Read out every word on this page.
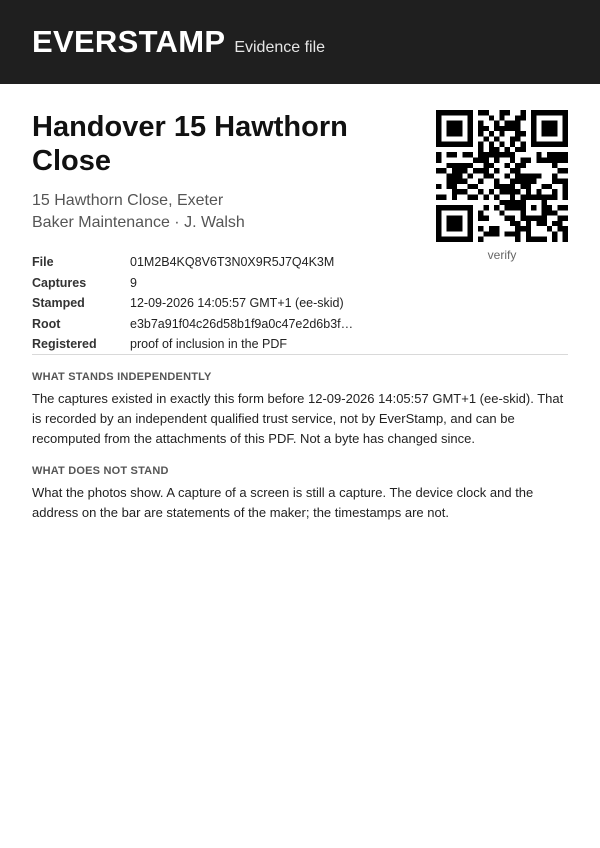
EVERSTAMP Evidence file
Handover 15 Hawthorn Close
15 Hawthorn Close, Exeter
Baker Maintenance · J. Walsh
File	01M2B4KQ8V6T3N0X9R5J7Q4K3M
Captures	9
Stamped	12-09-2026 14:05:57 GMT+1 (ee-skid)
Root	e3b7a91f04c26d58b1f9a0c47e2d6b3f…
Registered	proof of inclusion in the PDF
verify
WHAT STANDS INDEPENDENTLY

The captures existed in exactly this form before 12-09-2026 14:05:57 GMT+1 (ee-skid). That is recorded by an independent qualified trust service, not by EverStamp, and can be recomputed from the attachments of this PDF. Not a byte has changed since.

WHAT DOES NOT STAND

What the photos show. A capture of a screen is still a capture. The device clock and the address on the bar are statements of the maker; the timestamps are not.
